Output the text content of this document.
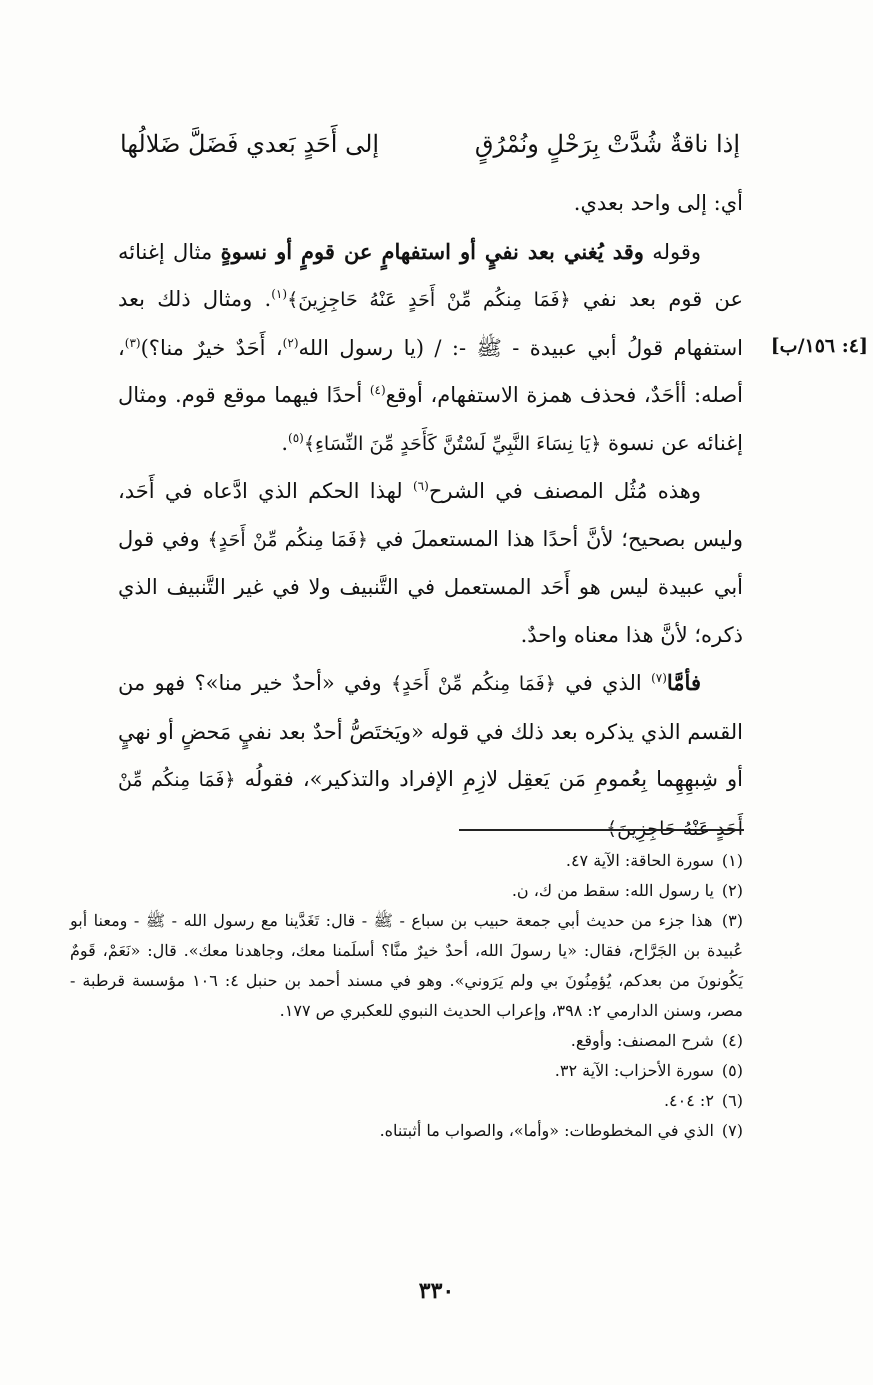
إذا ناقةٌ شُدَّتْ بِرَحْلٍ ونُمْرُقٍ
إلى أَحَدٍ بَعدي فَضَلَّ ضَلالُها
[٤: ١٥٦/ب]

أي: إلى واحد بعدي.

وقوله وقد يُغني بعد نفيٍ أو استفهامٍ عن قومٍ أو نسوةٍ مثال إغنائه عن قوم بعد نفي ﴿فَمَا مِنكُم مِّنْ أَحَدٍ عَنْهُ حَاجِزِينَ﴾$^{(١)}$. ومثال ذلك بعد استفهام قولُ أبي عبيدة - ﷺ -: / (يا رسول الله$^{(٢)}$، أَحَدٌ خيرٌ منا؟)$^{(٣)}$، أصله: أأحَدٌ، فحذف همزة الاستفهام، أوقع$^{(٤)}$ أحدًا فيهما موقع قوم. ومثال إغنائه عن نسوة ﴿يَا نِسَاءَ النَّبِيِّ لَسْتُنَّ كَأَحَدٍ مِّنَ النِّسَاءِ﴾$^{(٥)}$.

وهذه مُثُل المصنف في الشرح$^{(٦)}$ لهذا الحكم الذي ادَّعاه في أَحَد، وليس بصحيح؛ لأنَّ أحدًا هذا المستعملَ في ﴿فَمَا مِنكُم مِّنْ أَحَدٍ﴾ وفي قول أبي عبيدة ليس هو أَحَد المستعمل في التَّنبيف ولا في غير التَّنبيف الذي ذكره؛ لأنَّ هذا معناه واحدٌ.

فأمَّا$^{(٧)}$ الذي في ﴿فَمَا مِنكُم مِّنْ أَحَدٍ﴾ وفي «أحدٌ خير منا»؟ فهو من القسم الذي يذكره بعد ذلك في قوله «ويَختَصُّ أحدٌ بعد نفيٍ مَحضٍ أو نهيٍ أو شِبهِهِما بِعُمومِ مَن يَعقِل لازِمِ الإفراد والتذكير»، فقولُه ﴿فَمَا مِنكُم مِّنْ أَحَدٍ عَنْهُ حَاجِزِينَ﴾

(١) سورة الحاقة: الآية ٤٧.

(٢) يا رسول الله: سقط من ك، ن.

(٣) هذا جزء من حديث أبي جمعة حبيب بن سباع - ﷺ - قال: تَغَدَّينا مع رسول الله - ﷺ - ومعنا أبو عُبيدة بن الجَرَّاح، فقال: «يا رسولَ الله، أحدٌ خيرٌ منَّا؟ أسلَمنا معك، وجاهدنا معك». قال: «نَعَمْ، قَومٌ يَكُونونَ من بعدكم، يُؤمِنُونَ بي ولم يَرَوني». وهو في مسند أحمد بن حنبل ٤: ١٠٦ مؤسسة قرطبة - مصر، وسنن الدارمي ٢: ٣٩٨، وإعراب الحديث النبوي للعكبري ص ١٧٧.

(٤) شرح المصنف: وأوقع.

(٥) سورة الأحزاب: الآية ٣٢.

(٦) ٢: ٤٠٤.

(٧) الذي في المخطوطات: «وأما»، والصواب ما أثبتناه.

٣٣٠
